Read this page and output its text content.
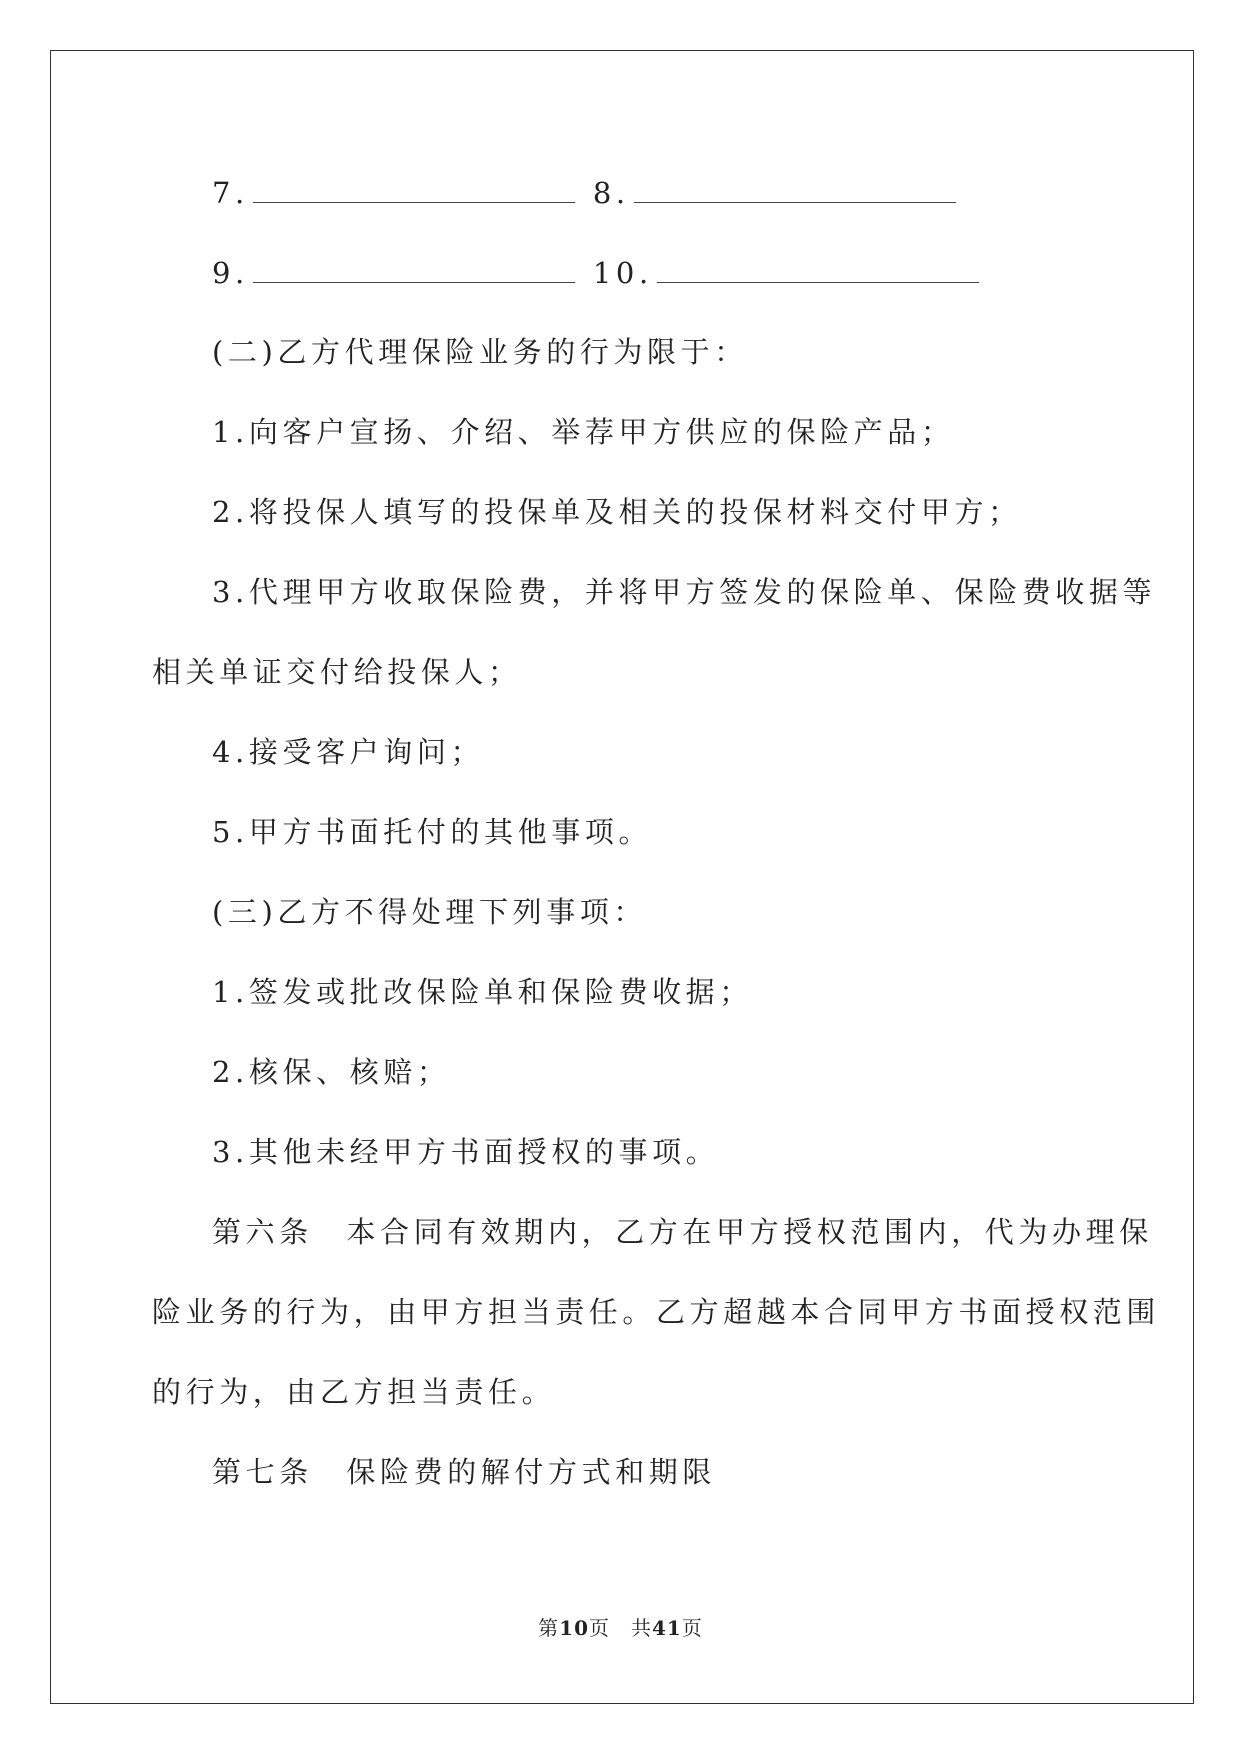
7.	8.
9.	10.
(二)乙方代理保险业务的行为限于：
1.向客户宣扬、介绍、举荐甲方供应的保险产品；
2.将投保人填写的投保单及相关的投保材料交付甲方；
3.代理甲方收取保险费，并将甲方签发的保险单、保险费收据等
相关单证交付给投保人；
4.接受客户询问；
5.甲方书面托付的其他事项。
(三)乙方不得处理下列事项：
1.签发或批改保险单和保险费收据；
2.核保、核赔；
3.其他未经甲方书面授权的事项。
第六条　本合同有效期内，乙方在甲方授权范围内，代为办理保
险业务的行为，由甲方担当责任。乙方超越本合同甲方书面授权范围
的行为，由乙方担当责任。
第七条　保险费的解付方式和期限
第10页　共41页
